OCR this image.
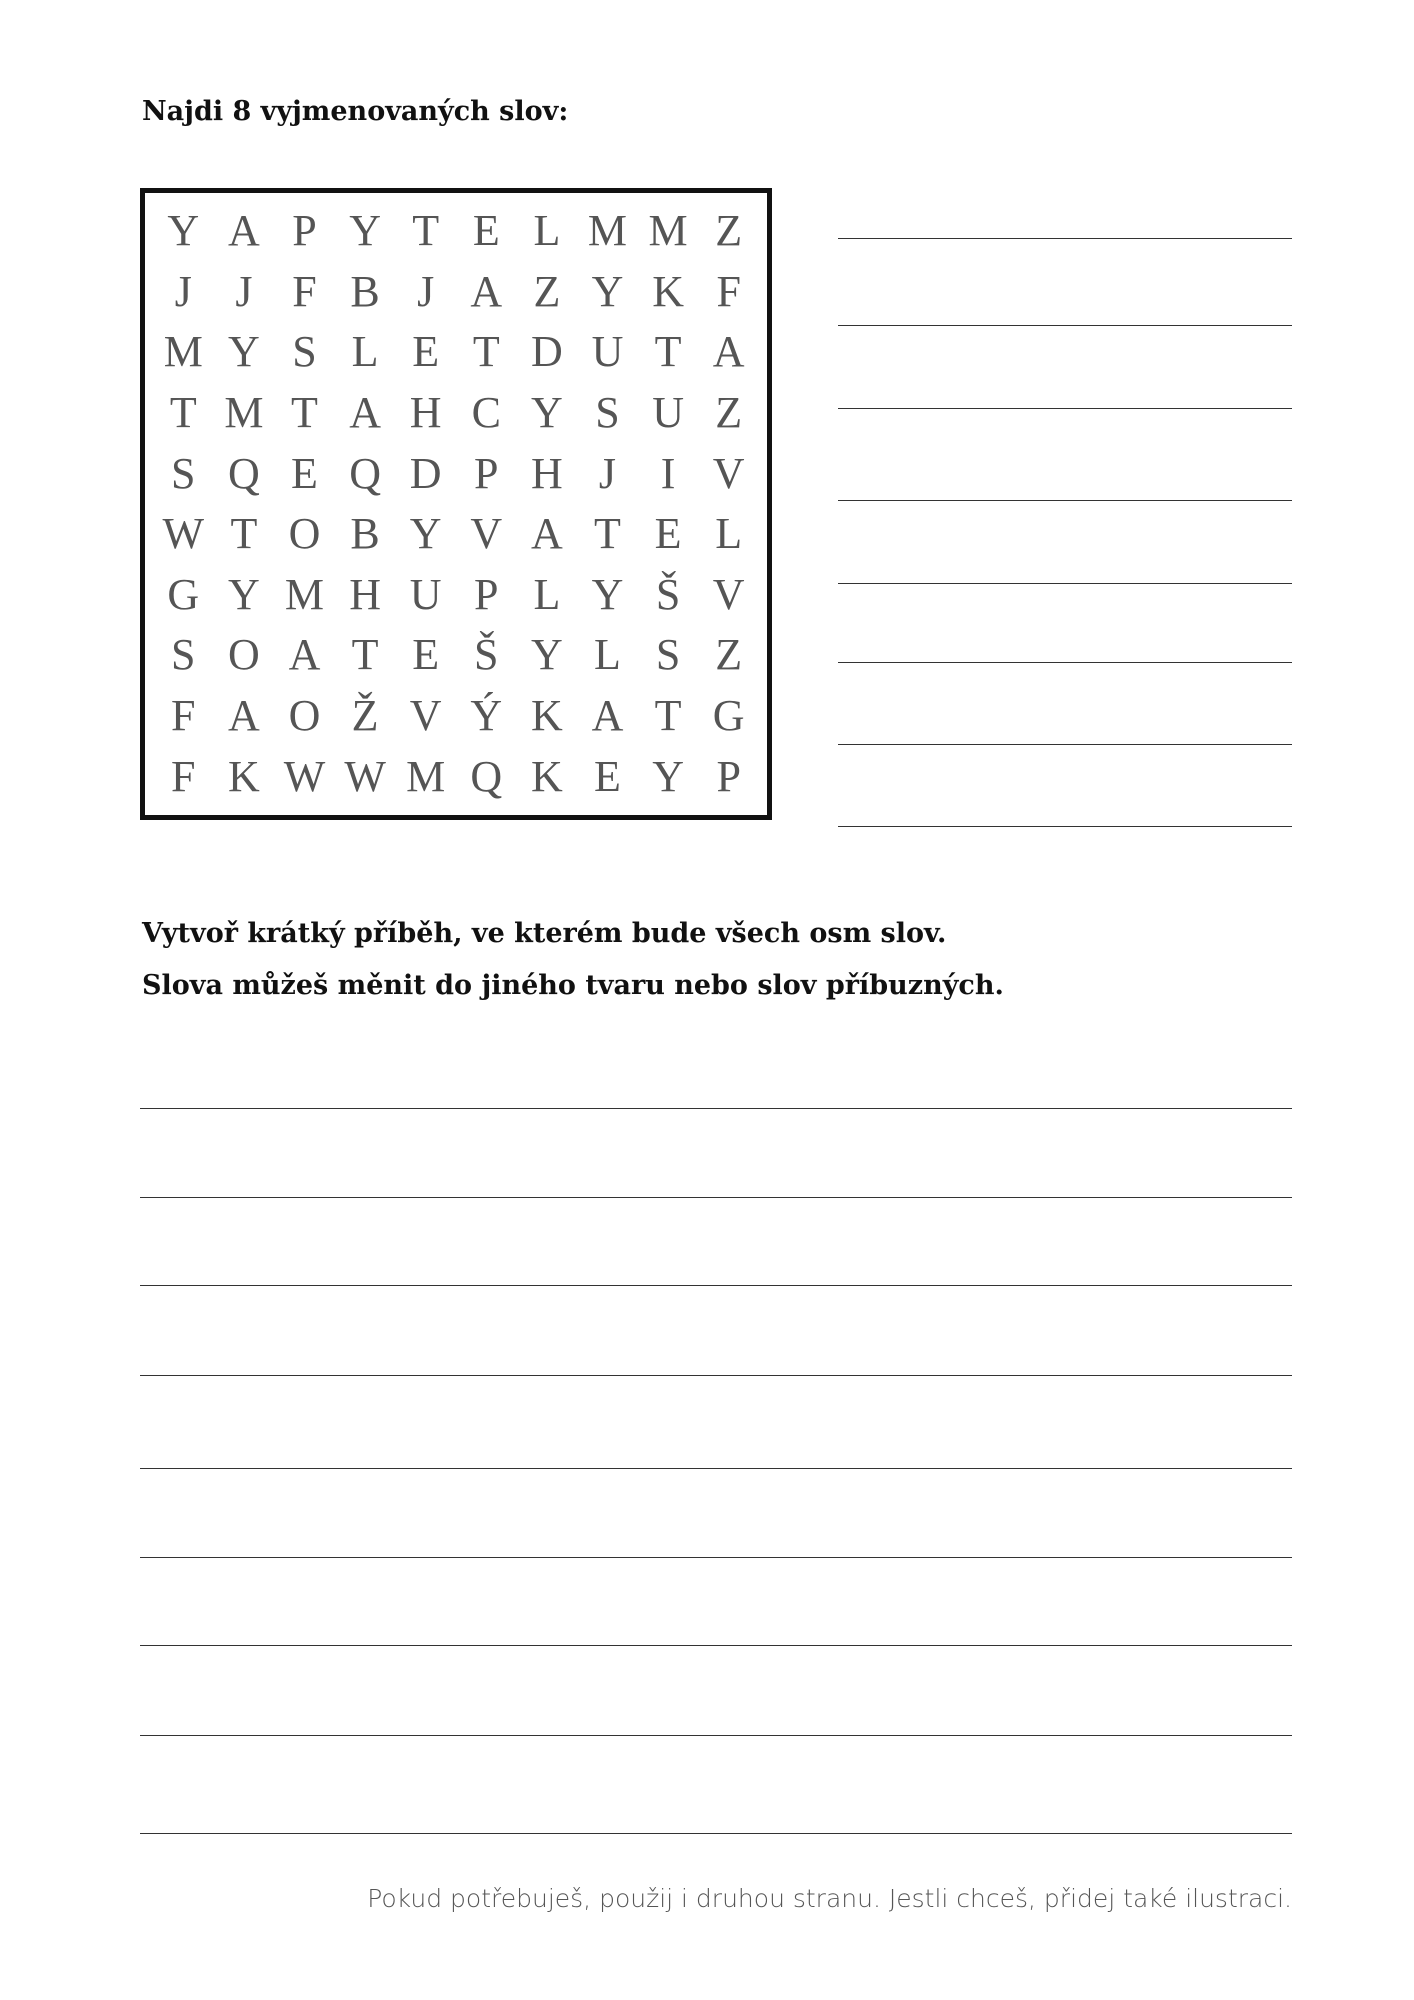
Najdi 8 vyjmenovaných slov:
Y A P Y T E L M M Z
J J F B J A Z Y K F
M Y S L E T D U T A
T M T A H C Y S U Z
S Q E Q D P H J	I V
W T O B Y V A T E L
G Y M H U P L Y Š V
S O A T E Š Y L S Z
F A O Ž V Ý K A T G
F K W W M Q K E Y P
Vytvoř krátký příběh, ve kterém bude všech osm slov.
Slova můžeš měnit do jiného tvaru nebo slov příbuzných.
Pokud potřebuješ, použij i druhou stranu. Jestli chceš, přidej také ilustraci.
